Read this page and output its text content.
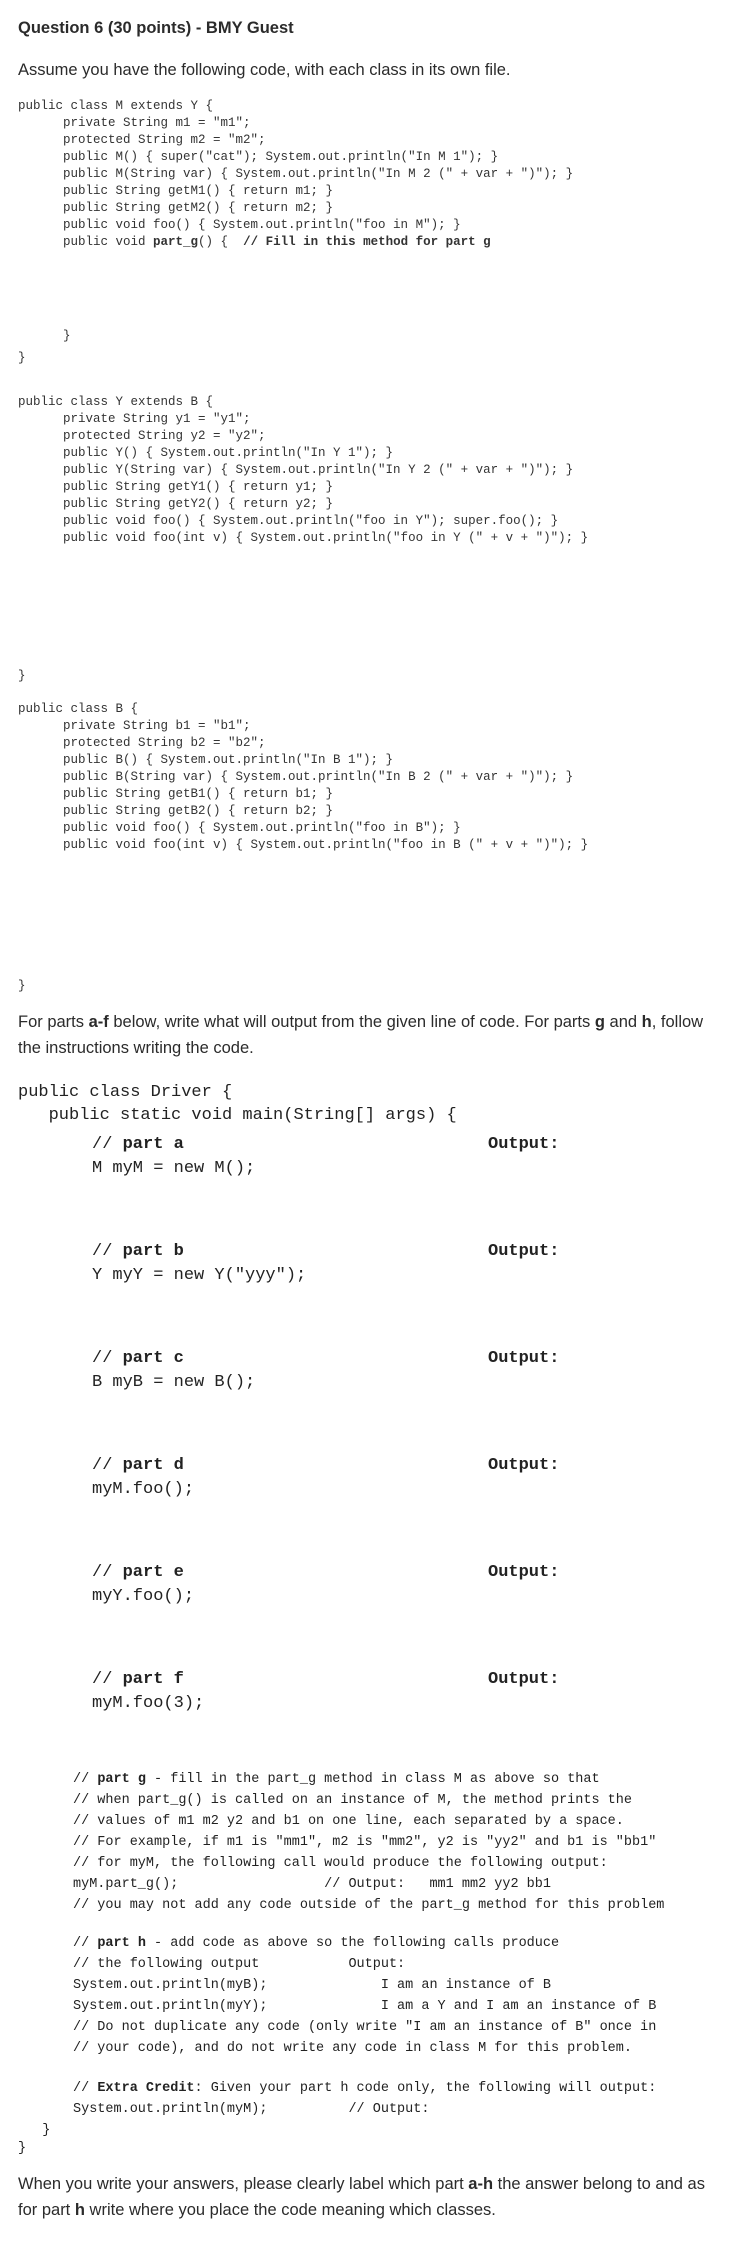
Question 6 (30 points) - BMY Guest
Assume you have the following code, with each class in its own file.
public class M extends Y {
private String m1 = "m1";
protected String m2 = "m2";
public M() { super("cat"); System.out.println("In M 1"); }
public M(String var) { System.out.println("In M 2 (" + var + ")"); }
public String getM1() { return m1; }
public String getM2() { return m2; }
public void foo() { System.out.println("foo in M"); }
public void part_g() {  // Fill in this method for part g
}
}
public class Y extends B {
private String y1 = "y1";
protected String y2 = "y2";
public Y() { System.out.println("In Y 1"); }
public Y(String var) { System.out.println("In Y 2 (" + var + ")"); }
public String getY1() { return y1; }
public String getY2() { return y2; }
public void foo() { System.out.println("foo in Y"); super.foo(); }
public void foo(int v) { System.out.println("foo in Y (" + v + ")"); }
}
public class B {
private String b1 = "b1";
protected String b2 = "b2";
public B() { System.out.println("In B 1"); }
public B(String var) { System.out.println("In B 2 (" + var + ")"); }
public String getB1() { return b1; }
public String getB2() { return b2; }
public void foo() { System.out.println("foo in B"); }
public void foo(int v) { System.out.println("foo in B (" + v + ")"); }
}
For parts a-f below, write what will output from the given line of code. For parts g and h, follow the instructions writing the code.
public class Driver {
public static void main(String[] args) {
// part a
M myM = new M();
Output:
// part b
Y myY = new Y("yyy");
Output:
// part c
B myB = new B();
Output:
// part d
myM.foo();
Output:
// part e
myY.foo();
Output:
// part f
myM.foo(3);
Output:
// part g - fill in the part_g method in class M as above so that
// when part_g() is called on an instance of M, the method prints the
// values of m1 m2 y2 and b1 on one line, each separated by a space.
// For example, if m1 is "mm1", m2 is "mm2", y2 is "yy2" and b1 is "bb1"
// for myM, the following call would produce the following output:
myM.part_g();                  // Output:   mm1 mm2 yy2 bb1
// you may not add any code outside of the part_g method for this problem
// part h - add code as above so the following calls produce
// the following output           Output:
System.out.println(myB);              I am an instance of B
System.out.println(myY);              I am a Y and I am an instance of B
// Do not duplicate any code (only write "I am an instance of B" once in
// your code), and do not write any code in class M for this problem.
// Extra Credit: Given your part h code only, the following will output:
System.out.println(myM);          // Output:
}
}
When you write your answers, please clearly label which part a-h the answer belong to and as for part h write where you place the code meaning which classes.
